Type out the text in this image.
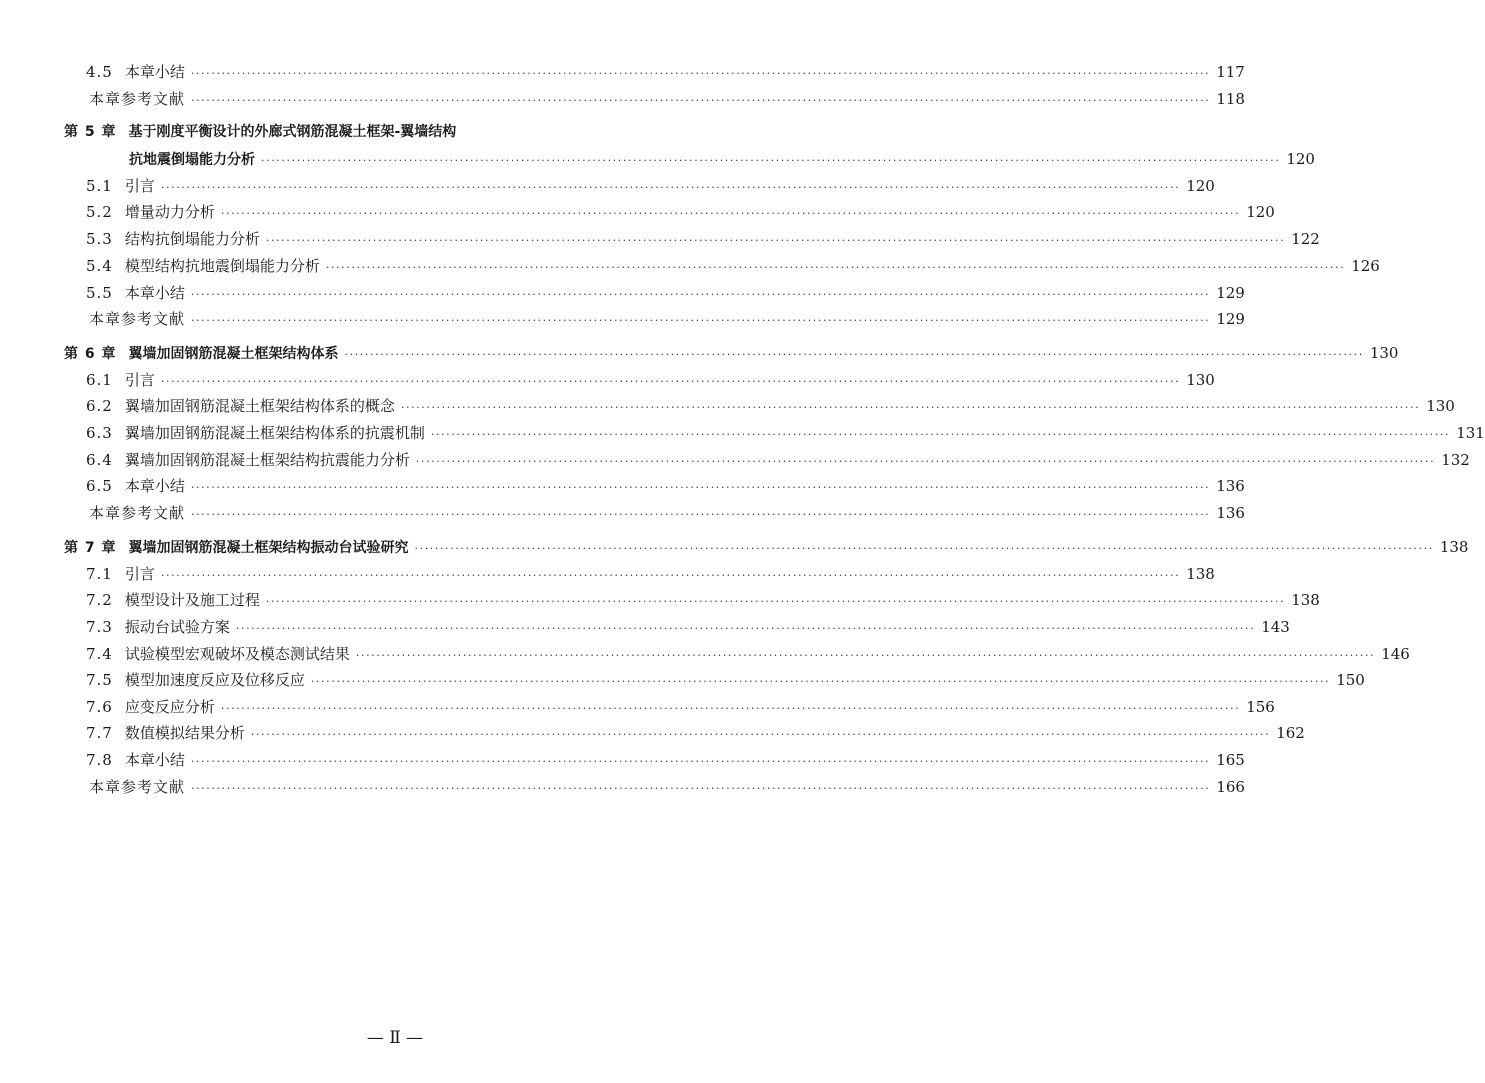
4.5 本章小结 ········································································································································································································ 117
本章参考文献 ········································································································································································································ 118
第 5 章 基于刚度平衡设计的外廊式钢筋混凝土框架-翼墙结构
抗地震倒塌能力分析 ········································································································································································································ 120
5.1 引言 ········································································································································································································ 120
5.2 增量动力分析 ········································································································································································································ 120
5.3 结构抗倒塌能力分析 ········································································································································································································ 122
5.4 模型结构抗地震倒塌能力分析 ········································································································································································································ 126
5.5 本章小结 ········································································································································································································ 129
本章参考文献 ········································································································································································································ 129
第 6 章 翼墙加固钢筋混凝土框架结构体系 ········································································································································································································ 130
6.1 引言 ········································································································································································································ 130
6.2 翼墙加固钢筋混凝土框架结构体系的概念 ········································································································································································································ 130
6.3 翼墙加固钢筋混凝土框架结构体系的抗震机制 ········································································································································································································ 131
6.4 翼墙加固钢筋混凝土框架结构抗震能力分析 ········································································································································································································ 132
6.5 本章小结 ········································································································································································································ 136
本章参考文献 ········································································································································································································ 136
第 7 章 翼墙加固钢筋混凝土框架结构振动台试验研究 ········································································································································································································ 138
7.1 引言 ········································································································································································································ 138
7.2 模型设计及施工过程 ········································································································································································································ 138
7.3 振动台试验方案 ········································································································································································································ 143
7.4 试验模型宏观破坏及模态测试结果 ········································································································································································································ 146
7.5 模型加速度反应及位移反应 ········································································································································································································ 150
7.6 应变反应分析 ········································································································································································································ 156
7.7 数值模拟结果分析 ········································································································································································································ 162
7.8 本章小结 ········································································································································································································ 165
本章参考文献 ········································································································································································································ 166
— Ⅱ —
